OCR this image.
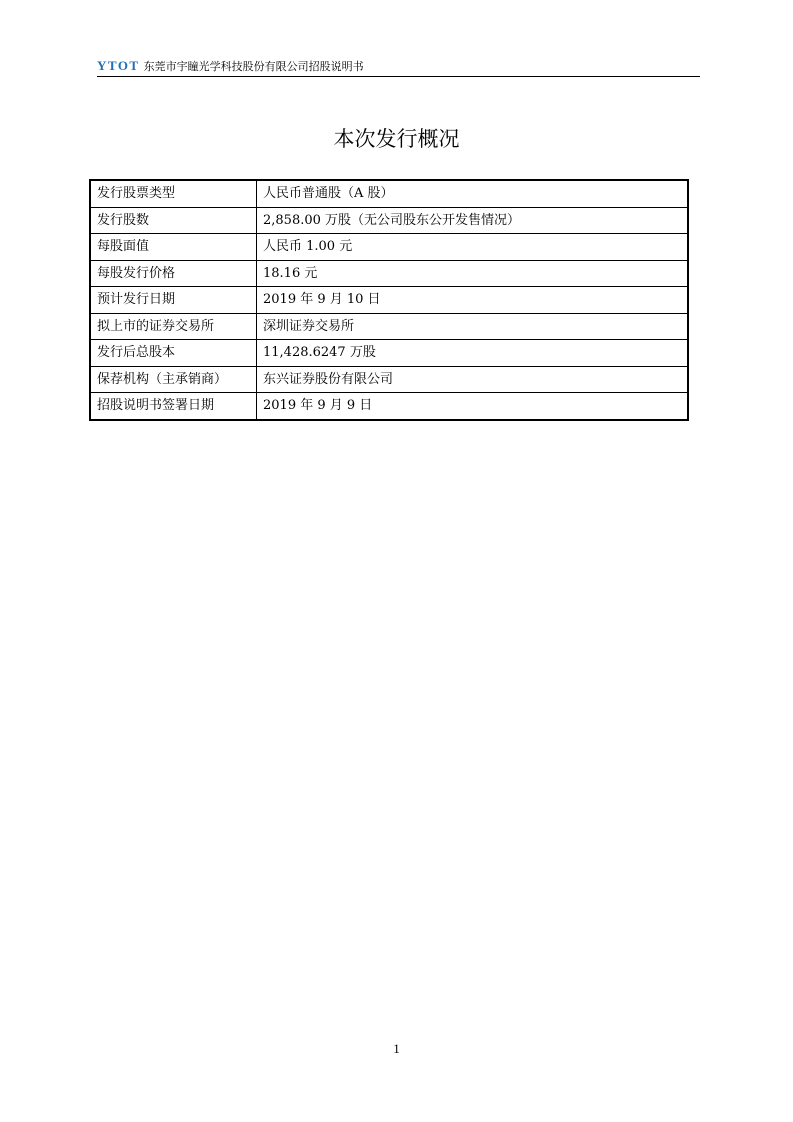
YTOT 东莞市宇瞳光学科技股份有限公司招股说明书
本次发行概况
发行股票类型	人民币普通股（A 股）
发行股数	2,858.00 万股（无公司股东公开发售情况）
每股面值	人民币 1.00 元
每股发行价格	18.16 元
预计发行日期	2019 年 9 月 10 日
拟上市的证券交易所	深圳证券交易所
发行后总股本	11,428.6247 万股
保荐机构（主承销商）	东兴证券股份有限公司
招股说明书签署日期	2019 年 9 月 9 日
1
